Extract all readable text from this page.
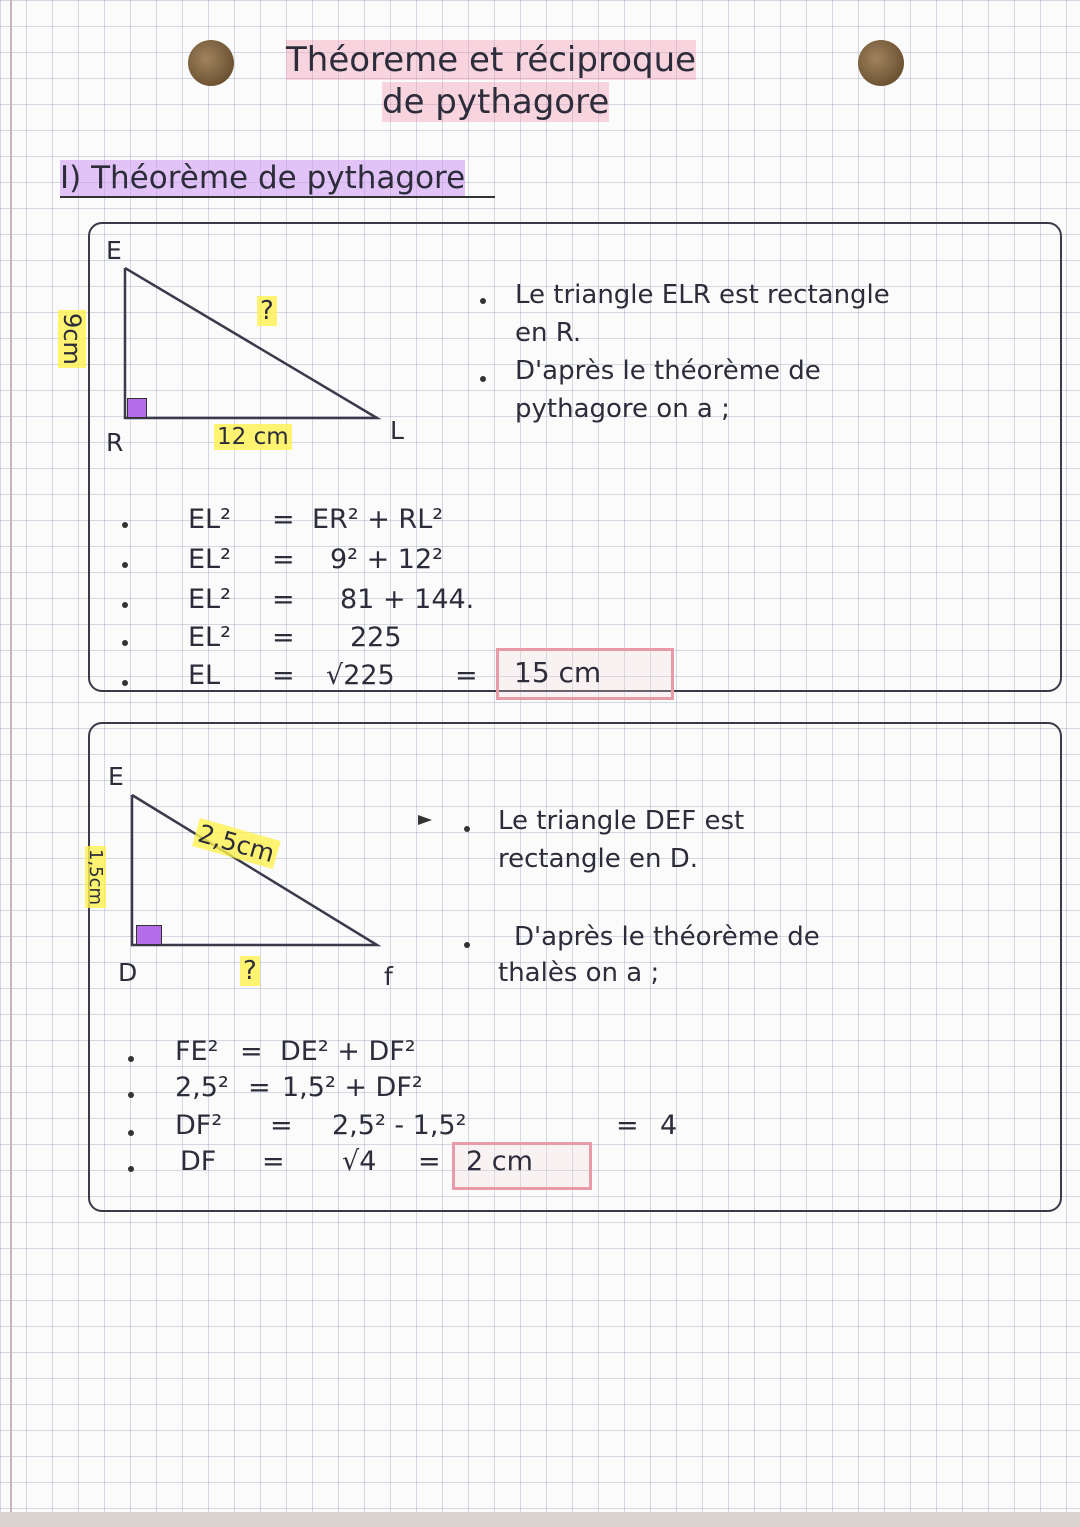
Théoreme et réciproque
de pythagore
I) Théorème de pythagore
E
R	L
9cm
12 cm
?
Le triangle ELR est rectangle
en R.
D'après le théorème de
pythagore on a ;
EL² = ER² + RL²
EL² = 9² + 12²
EL² = 81 + 144.
EL² = 225
EL = √225 = 15 cm
E
D	f
1,5cm
2,5cm
?
Le triangle DEF est
rectangle en D.
D'après le théorème de
thalès on a ;
FE² = DE² + DF²
2,5² = 1,5² + DF²
DF² = 2,5² - 1,5²	= 4
DF = √4 = 2 cm
